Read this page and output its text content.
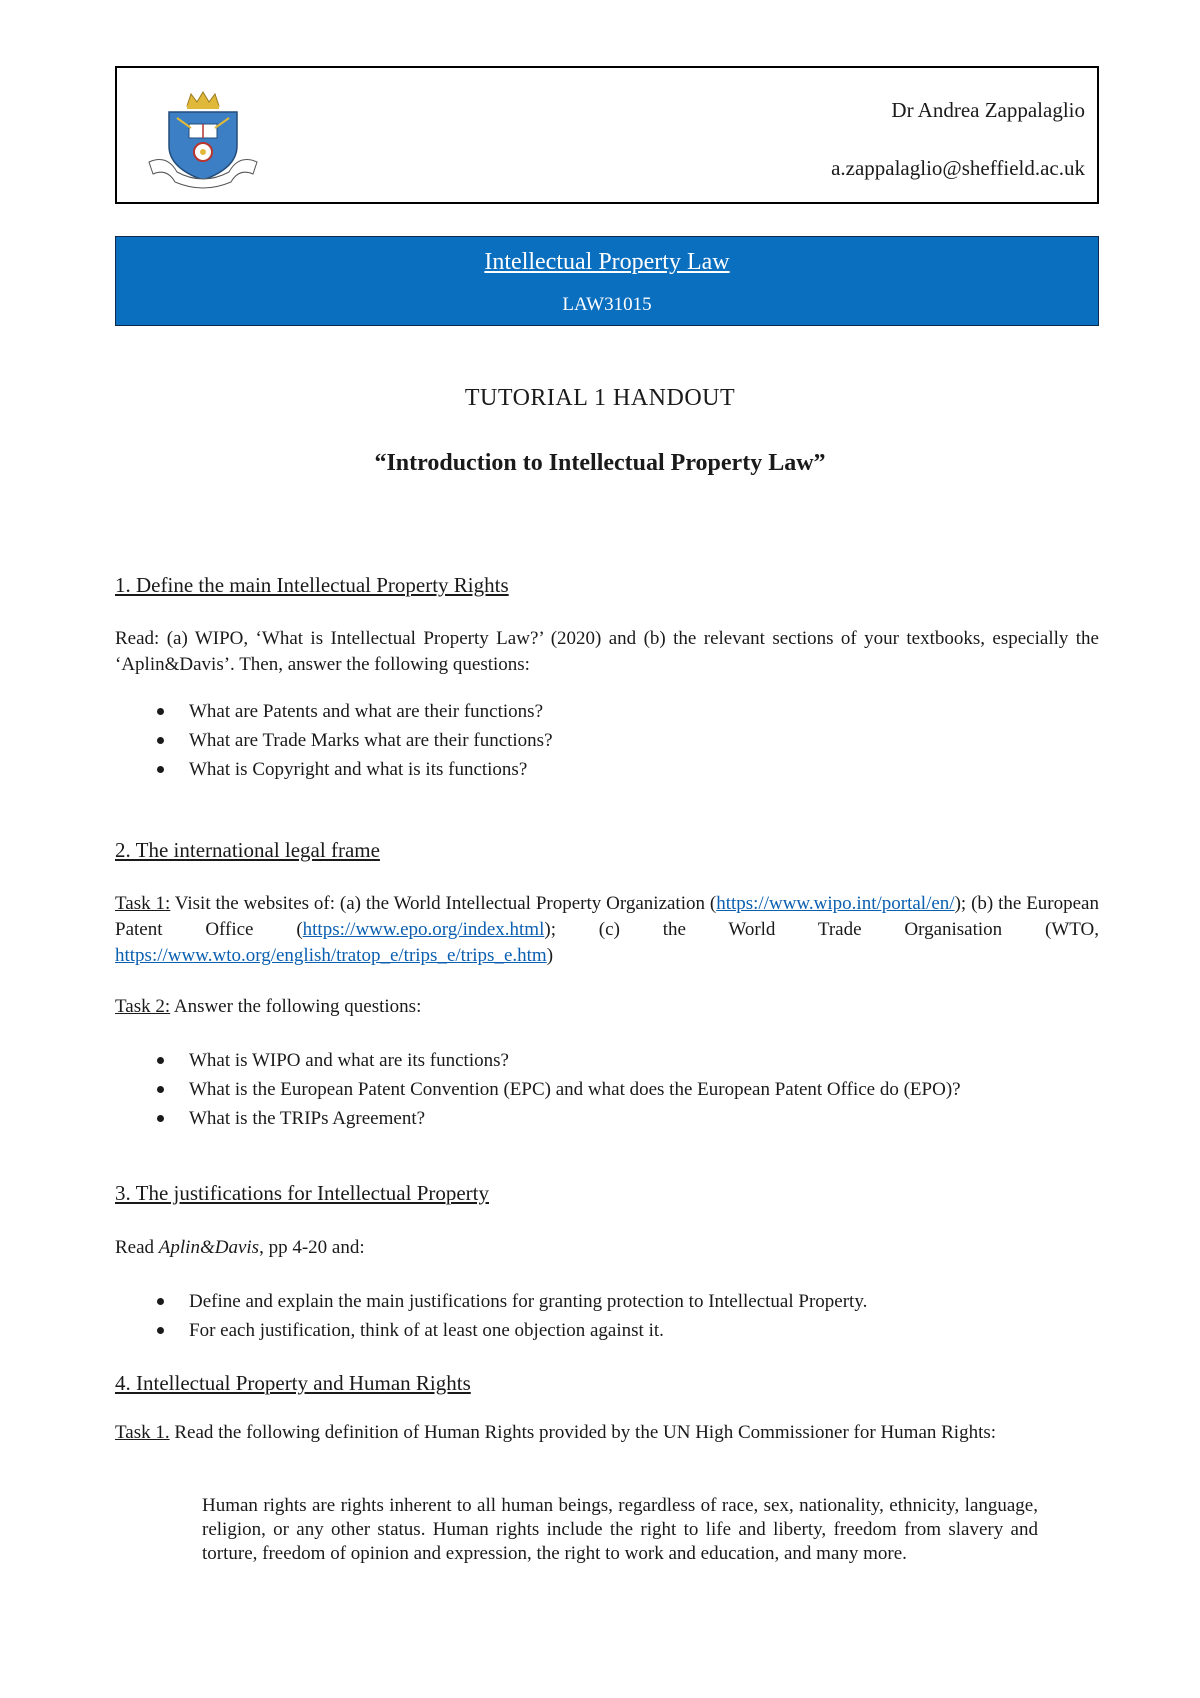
Dr Andrea Zappalaglio
a.zappalaglio@sheffield.ac.uk
Intellectual Property Law
LAW31015
TUTORIAL 1 HANDOUT
“Introduction to Intellectual Property Law”
1. Define the main Intellectual Property Rights
Read: (a) WIPO, ‘What is Intellectual Property Law?’ (2020) and (b) the relevant sections of your textbooks, especially the ‘Aplin&Davis’. Then, answer the following questions:
What are Patents and what are their functions?
What are Trade Marks what are their functions?
What is Copyright and what is its functions?
2. The international legal frame
Task 1: Visit the websites of: (a) the World Intellectual Property Organization (https://www.wipo.int/portal/en/); (b) the European Patent Office (https://www.epo.org/index.html); (c) the World Trade Organisation (WTO, https://www.wto.org/english/tratop_e/trips_e/trips_e.htm)
Task 2: Answer the following questions:
What is WIPO and what are its functions?
What is the European Patent Convention (EPC) and what does the European Patent Office do (EPO)?
What is the TRIPs Agreement?
3. The justifications for Intellectual Property
Read Aplin&Davis, pp 4-20 and:
Define and explain the main justifications for granting protection to Intellectual Property.
For each justification, think of at least one objection against it.
4. Intellectual Property and Human Rights
Task 1. Read the following definition of Human Rights provided by the UN High Commissioner for Human Rights:
Human rights are rights inherent to all human beings, regardless of race, sex, nationality, ethnicity, language, religion, or any other status. Human rights include the right to life and liberty, freedom from slavery and torture, freedom of opinion and expression, the right to work and education, and many more.
